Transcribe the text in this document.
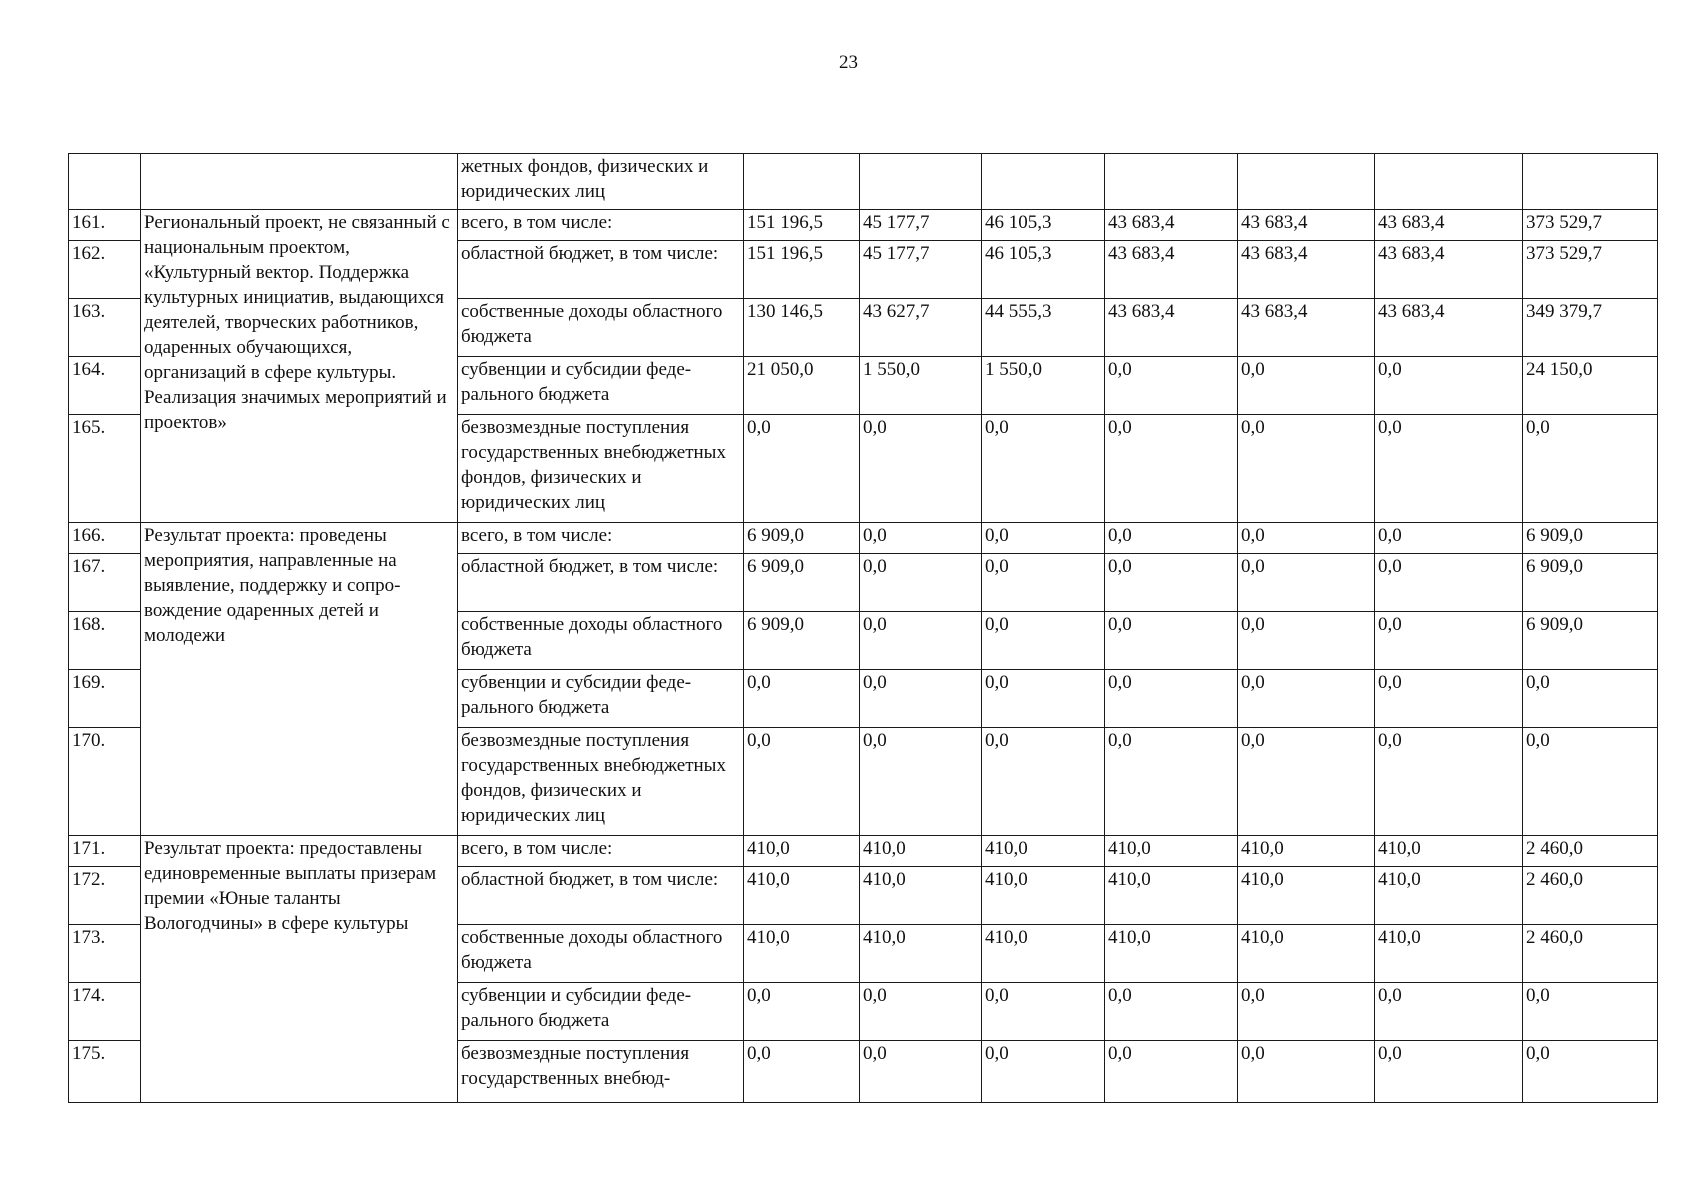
23
		жетных фондов, физических и юридических лиц							
161.	Региональный проект, не связанный с национальным проектом, «Культурный вектор. Поддержка культурных инициатив, выдающихся деятелей, творческих работников, одаренных обучающихся, организаций в сфере культуры. Реализация значимых мероприятий и проектов»	всего, в том числе:	151 196,5	45 177,7	46 105,3	43 683,4	43 683,4	43 683,4	373 529,7
162.		областной бюджет, в том числе:	151 196,5	45 177,7	46 105,3	43 683,4	43 683,4	43 683,4	373 529,7
163.		собственные доходы областного бюджета	130 146,5	43 627,7	44 555,3	43 683,4	43 683,4	43 683,4	349 379,7
164.		субвенции и субсидии федерального бюджета	21 050,0	1 550,0	1 550,0	0,0	0,0	0,0	24 150,0
165.		безвозмездные поступления государственных внебюджетных фондов, физических и юридических лиц	0,0	0,0	0,0	0,0	0,0	0,0	0,0
166.	Результат проекта: проведены мероприятия, направленные на выявление, поддержку и сопровождение одаренных детей и молодежи	всего, в том числе:	6 909,0	0,0	0,0	0,0	0,0	0,0	6 909,0
167.		областной бюджет, в том числе:	6 909,0	0,0	0,0	0,0	0,0	0,0	6 909,0
168.		собственные доходы областного бюджета	6 909,0	0,0	0,0	0,0	0,0	0,0	6 909,0
169.		субвенции и субсидии федерального бюджета	0,0	0,0	0,0	0,0	0,0	0,0	0,0
170.		безвозмездные поступления государственных внебюджетных фондов, физических и юридических лиц	0,0	0,0	0,0	0,0	0,0	0,0	0,0
171.	Результат проекта: предоставлены единовременные выплаты призерам премии «Юные таланты Вологодчины» в сфере культуры	всего, в том числе:	410,0	410,0	410,0	410,0	410,0	410,0	2 460,0
172.		областной бюджет, в том числе:	410,0	410,0	410,0	410,0	410,0	410,0	2 460,0
173.		собственные доходы областного бюджета	410,0	410,0	410,0	410,0	410,0	410,0	2 460,0
174.		субвенции и субсидии федерального бюджета	0,0	0,0	0,0	0,0	0,0	0,0	0,0
175.		безвозмездные поступления государственных внебюд-	0,0	0,0	0,0	0,0	0,0	0,0	0,0
